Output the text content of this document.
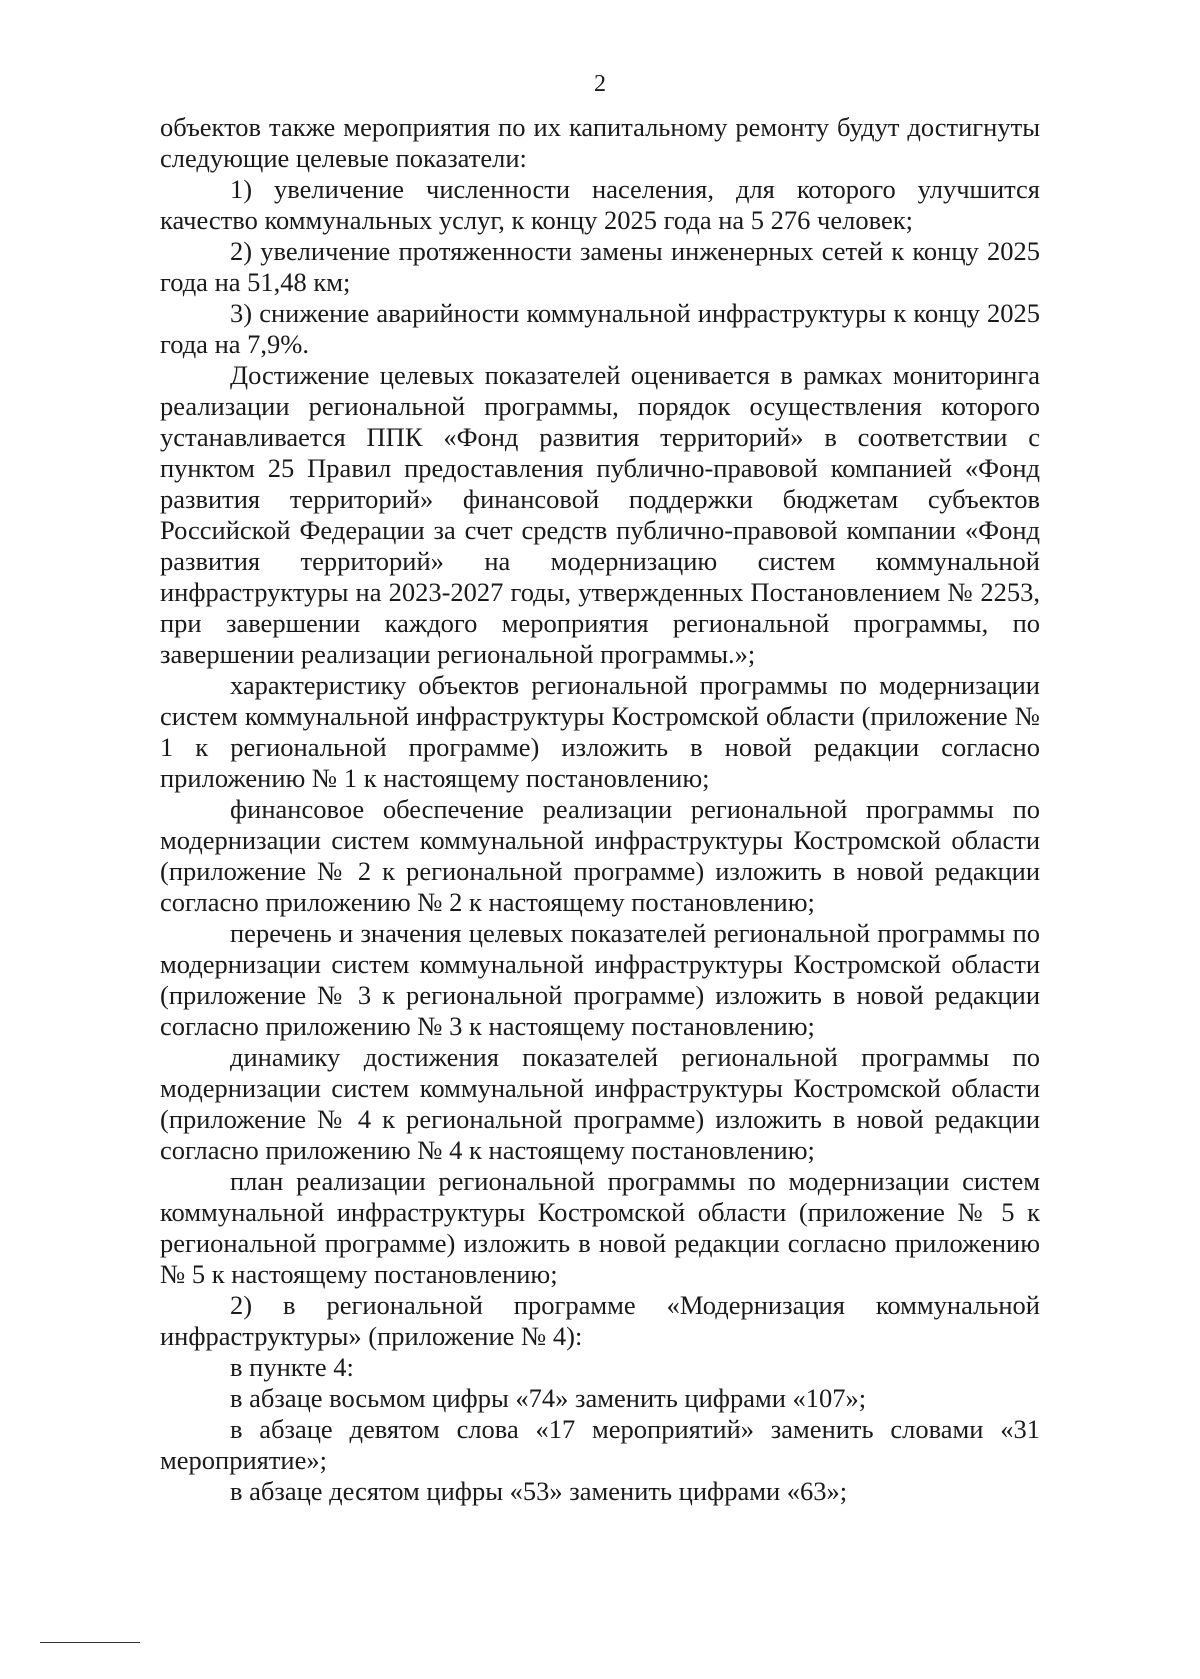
2

объектов также мероприятия по их капитальному ремонту будут достигнуты следующие целевые показатели:

1) увеличение численности населения, для которого улучшится качество коммунальных услуг, к концу 2025 года на 5 276 человек;

2) увеличение протяженности замены инженерных сетей к концу 2025 года на 51,48 км;

3) снижение аварийности коммунальной инфраструктуры к концу 2025 года на 7,9%.

Достижение целевых показателей оценивается в рамках мониторинга реализации региональной программы, порядок осуществления которого устанавливается ППК «Фонд развития территорий» в соответствии с пунктом 25 Правил предоставления публично-правовой компанией «Фонд развития территорий» финансовой поддержки бюджетам субъектов Российской Федерации за счет средств публично-правовой компании «Фонд развития территорий» на модернизацию систем коммунальной инфраструктуры на 2023-2027 годы, утвержденных Постановлением № 2253, при завершении каждого мероприятия региональной программы, по завершении реализации региональной программы.»;

характеристику объектов региональной программы по модернизации систем коммунальной инфраструктуры Костромской области (приложение № 1 к региональной программе) изложить в новой редакции согласно приложению № 1 к настоящему постановлению;

финансовое обеспечение реализации региональной программы по модернизации систем коммунальной инфраструктуры Костромской области (приложение № 2 к региональной программе) изложить в новой редакции согласно приложению № 2 к настоящему постановлению;

перечень и значения целевых показателей региональной программы по модернизации систем коммунальной инфраструктуры Костромской области (приложение № 3 к региональной программе) изложить в новой редакции согласно приложению № 3 к настоящему постановлению;

динамику достижения показателей региональной программы по модернизации систем коммунальной инфраструктуры Костромской области (приложение № 4 к региональной программе) изложить в новой редакции согласно приложению № 4 к настоящему постановлению;

план реализации региональной программы по модернизации систем коммунальной инфраструктуры Костромской области (приложение № 5 к региональной программе) изложить в новой редакции согласно приложению № 5 к настоящему постановлению;

2) в региональной программе «Модернизация коммунальной инфраструктуры» (приложение № 4):

в пункте 4:

в абзаце восьмом цифры «74» заменить цифрами «107»;

в абзаце девятом слова «17 мероприятий» заменить словами «31 мероприятие»;

в абзаце десятом цифры «53» заменить цифрами «63»;
